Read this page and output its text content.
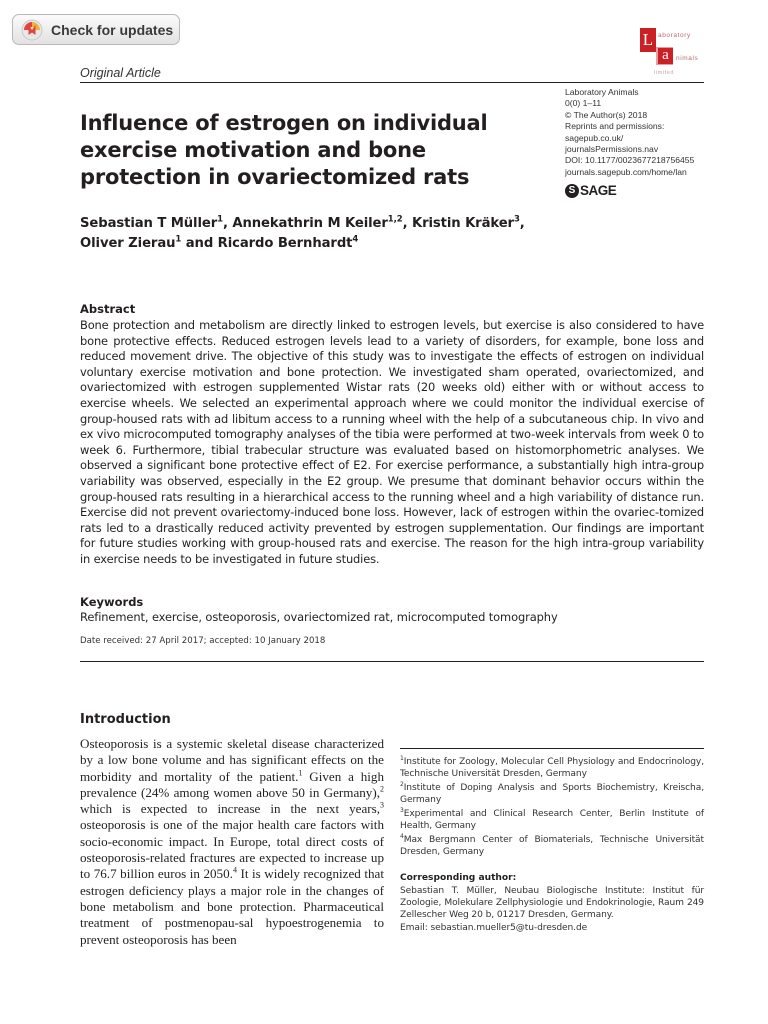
Check for updates
L
a
aboratory
nimals
limited
Original Article
Laboratory Animals
0(0) 1–11
© The Author(s) 2018
Reprints and permissions:
sagepub.co.uk/
journalsPermissions.nav
DOI: 10.1177/0023677218756455
journals.sagepub.com/home/lan
S SAGE
Influence of estrogen on individual exercise motivation and bone protection in ovariectomized rats
Sebastian T Müller$^1$, Annekathrin M Keiler$^{1,2}$, Kristin Kräker$^3$,
Oliver Zierau$^1$ and Ricardo Bernhardt$^4$
Abstract

Bone protection and metabolism are directly linked to estrogen levels, but exercise is also considered to have bone protective effects. Reduced estrogen levels lead to a variety of disorders, for example, bone loss and reduced movement drive. The objective of this study was to investigate the effects of estrogen on individual voluntary exercise motivation and bone protection. We investigated sham operated, ovariectomized, and ovariectomized with estrogen supplemented Wistar rats (20 weeks old) either with or without access to exercise wheels. We selected an experimental approach where we could monitor the individual exercise of group-housed rats with ad libitum access to a running wheel with the help of a subcutaneous chip. In vivo and ex vivo microcomputed tomography analyses of the tibia were performed at two-week intervals from week 0 to week 6. Furthermore, tibial trabecular structure was evaluated based on histomorphometric analyses. We observed a significant bone protective effect of E2. For exercise performance, a substantially high intra-group variability was observed, especially in the E2 group. We presume that dominant behavior occurs within the group-housed rats resulting in a hierarchical access to the running wheel and a high variability of distance run. Exercise did not prevent ovariectomy-induced bone loss. However, lack of estrogen within the ovariec-tomized rats led to a drastically reduced activity prevented by estrogen supplementation. Our findings are important for future studies working with group-housed rats and exercise. The reason for the high intra-group variability in exercise needs to be investigated in future studies.

Keywords
Refinement, exercise, osteoporosis, ovariectomized rat, microcomputed tomography
Date received: 27 April 2017; accepted: 10 January 2018
Introduction

Osteoporosis is a systemic skeletal disease characterized by a low bone volume and has significant effects on the morbidity and mortality of the patient.$^1$ Given a high prevalence (24% among women above 50 in Germany),$^2$ which is expected to increase in the next years,$^3$ osteoporosis is one of the major health care factors with socio-economic impact. In Europe, total direct costs of osteoporosis-related fractures are expected to increase up to 76.7 billion euros in 2050.$^4$ It is widely recognized that estrogen deficiency plays a major role in the changes of bone metabolism and bone protection. Pharmaceutical treatment of postmenopau-sal hypoestrogenemia to prevent osteoporosis has been

$^1$Institute for Zoology, Molecular Cell Physiology and Endocrinology, Technische Universität Dresden, Germany
$^2$Institute of Doping Analysis and Sports Biochemistry, Kreischa, Germany
$^3$Experimental and Clinical Research Center, Berlin Institute of Health, Germany
$^4$Max Bergmann Center of Biomaterials, Technische Universität Dresden, Germany
Corresponding author:
Sebastian T. Müller, Neubau Biologische Institute: Institut für Zoologie, Molekulare Zellphysiologie und Endokrinologie, Raum 249 Zellescher Weg 20 b, 01217 Dresden, Germany.
Email: sebastian.mueller5@tu-dresden.de
